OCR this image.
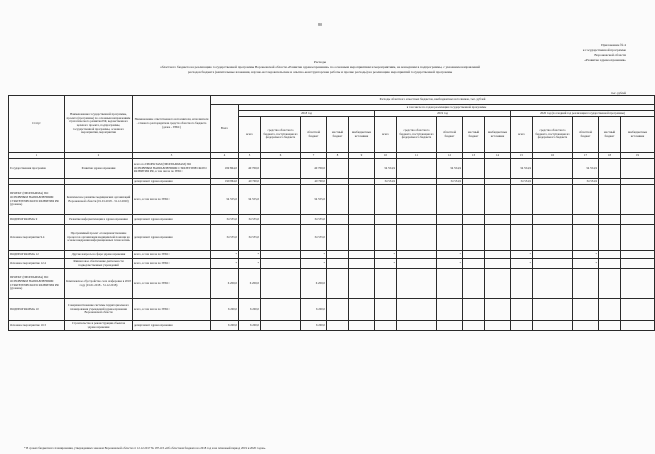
80
Приложение № 4
к государственной программе
Воронежской области
«Развитие здравоохранения»
Расходы
областного бюджета на реализацию государственной программы Воронежской области «Развитие здравоохранения» по основным мероприятиям и мероприятиям, не вошедшим в подпрограммы, с указанием направлений
расходов бюджета (капитальные вложения, научно-исследовательские и опытно-конструкторские работы и прочие расходы) на реализацию мероприятий государственной программы
тыс. рублей
Статус	Наименование государственной программы, проекта (программы) по основным направлениям стратегического развития РФ, ведомственного целевого проекта, подпрограммы, государственной программы, основного мероприятия, мероприятия	Наименование ответственного исполнителя, исполнителя - главного распорядителя средств областного бюджета (далее - ГРБС)	Расходы областного и местных бюджетов, внебюджетных источников, тыс. рублей															
			Всего	в том числе по годам реализации государственной программы														
				2018 год					2019 год					2020 год (последний год реализации государственной программы)				
				всего	средства областного бюджета, поступающие из федерального бюджета	областной бюджет	местный бюджет	внебюджетные источники	всего	средства областного бюджета, поступающие из федерального бюджета	областной бюджет	местный бюджет	внебюджетные источники	всего	средства областного бюджета, поступающие из федерального бюджета	областной бюджет	местный бюджет	внебюджетные источники
1	2	3	4	5	6	7	8	9	10	11	12	13	14	15	16	17	18	19
Государственная программа	Развитие здравоохранения	всего по ПРОЕКТАМ (ПРОГРАММАМ) ПО ОСНОВНЫМ НАПРАВЛЕНИЯМ СТРАТЕГИЧЕСКОГО РАЗВИТИЯ РФ, в том числе по ГРБС:	199 864,0	40 700,0		40 700,0			34 554,9		34 554,9			34 554,9		34 554,9		
		департамент здравоохранения	199 864,0	40 700,0		40 700,0			34 554,9		34 554,9			34 554,9		34 554,9		
ПРОЕКТ (ПРОГРАММА) ПО ОСНОВНЫМ НАПРАВЛЕНИЯМ СТРАТЕГИЧЕСКОГО РАЗВИТИЯ РФ (уровень)	Комплексное развитие медицинских организаций Воронежской области (01.01.2018 - 31.12.2020)	всего, в том числе по ГРБС:	34 555,0	34 555,0		34 555,0												
ПОДПРОГРАММА 9	Развитие информатизации в здравоохранении	департамент здравоохранения	34 555,0	34 555,0		34 555,0												
Основное мероприятие 9.4	Программный проект «Совершенствование процессов организации медицинской помощи на основе внедрения информационных технологий»	департамент здравоохранения	34 555,0	34 555,0		34 555,0												
ПОДПРОГРАММА 12	Другие вопросы в сфере здравоохранения	всего, в том числе по ГРБС:	*	*		*			*		*			*		*		
Основное мероприятие 12.4	Финансовое обеспечение деятельности подведомственных учреждений	всего, в том числе по ГРБС:	*	*		*			*		*			*		*		
ПРОЕКТ (ПРОГРАММА) ПО ОСНОВНЫМ НАПРАВЛЕНИЯМ СТРАТЕГИЧЕСКОГО РАЗВИТИЯ РФ (уровень)	Комплексное обустройство села Алферовка в 2018 году (01.01.2018 - 31.12.2018)	всего, в том числе по ГРБС:	6 200,0	6 200,0		6 200,0												
ПОДПРОГРАММА 10	Совершенствование системы территориального планирования учреждений здравоохранения Воронежской области	всего, в том числе по ГРБС:	6 200,0	6 200,0		6 200,0												
Основное мероприятие 10.3	Строительство и реконструкция объектов здравоохранения	департамент здравоохранения	6 200,0	6 200,0		6 200,0												
* В сроках бюджетного планирования, утвержденных законом Воронежской области от 12.12.2017 № 187-ОЗ «Об областном бюджете на 2018 год и на плановый период 2019 и 2020 годов».
